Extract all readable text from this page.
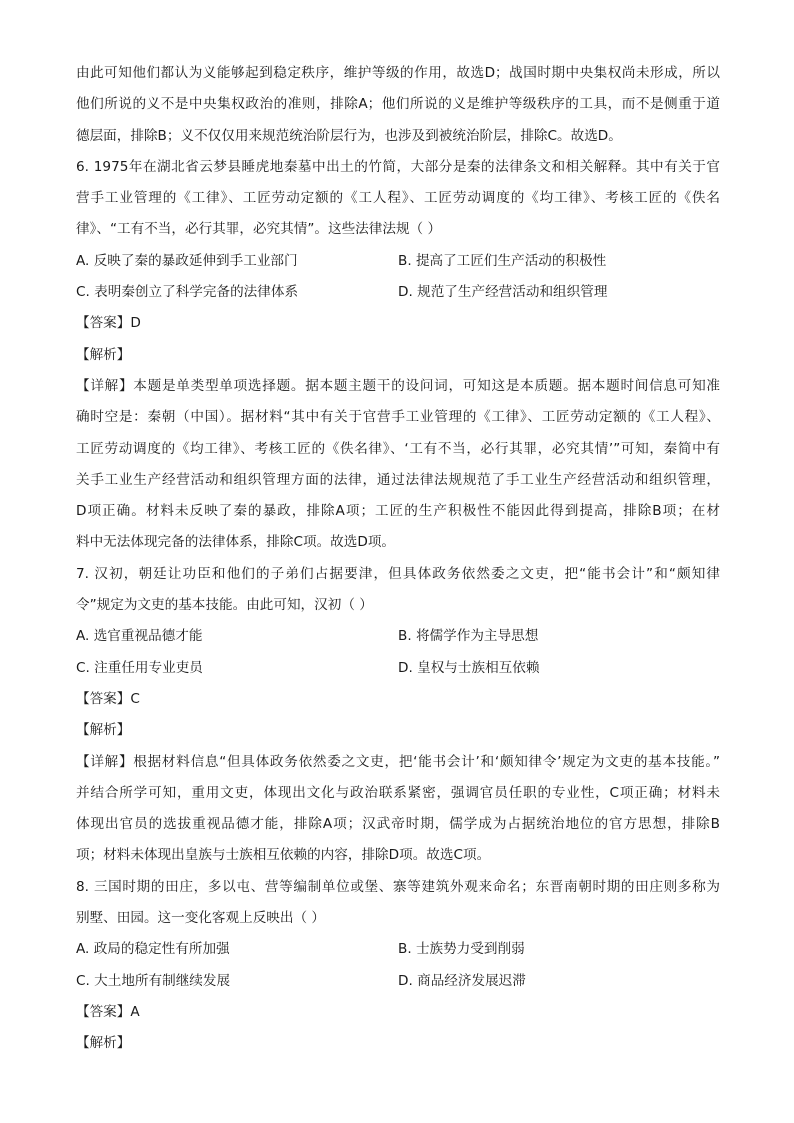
由此可知他们都认为义能够起到稳定秩序，维护等级的作用，故选D；战国时期中央集权尚未形成，所以

他们所说的义不是中央集权政治的准则，排除A；他们所说的义是维护等级秩序的工具，而不是侧重于道

德层面，排除B；义不仅仅用来规范统治阶层行为，也涉及到被统治阶层，排除C。故选D。

6. 1975年在湖北省云梦县睡虎地秦墓中出土的竹简，大部分是秦的法律条文和相关解释。其中有关于官

营手工业管理的《工律》、工匠劳动定额的《工人程》、工匠劳动调度的《均工律》、考核工匠的《佚名

律》、“工有不当，必行其罪，必究其情”。这些法律法规（ ）

A. 反映了秦的暴政延伸到手工业部门	B. 提高了工匠们生产活动的积极性
C. 表明秦创立了科学完备的法律体系	D. 规范了生产经营活动和组织管理
【答案】D
【解析】

【详解】本题是单类型单项选择题。据本题主题干的设问词，可知这是本质题。据本题时间信息可知准

确时空是：秦朝（中国）。据材料“其中有关于官营手工业管理的《工律》、工匠劳动定额的《工人程》、

工匠劳动调度的《均工律》、考核工匠的《佚名律》、‘工有不当，必行其罪，必究其情’”可知，秦简中有

关手工业生产经营活动和组织管理方面的法律，通过法律法规规范了手工业生产经营活动和组织管理，

D项正确。材料未反映了秦的暴政，排除A项；工匠的生产积极性不能因此得到提高，排除B项；在材

料中无法体现完备的法律体系，排除C项。故选D项。

7. 汉初，朝廷让功臣和他们的子弟们占据要津，但具体政务依然委之文吏，把“能书会计”和“颇知律

令”规定为文吏的基本技能。由此可知，汉初（ ）

A. 选官重视品德才能	B. 将儒学作为主导思想
C. 注重任用专业吏员	D. 皇权与士族相互依赖
【答案】C
【解析】

【详解】根据材料信息“但具体政务依然委之文吏，把‘能书会计’和‘颇知律令’规定为文吏的基本技能。”

并结合所学可知，重用文吏，体现出文化与政治联系紧密，强调官员任职的专业性，C项正确；材料未

体现出官员的选拔重视品德才能，排除A项；汉武帝时期，儒学成为占据统治地位的官方思想，排除B

项；材料未体现出皇族与士族相互依赖的内容，排除D项。故选C项。

8. 三国时期的田庄，多以屯、营等编制单位或堡、寨等建筑外观来命名；东晋南朝时期的田庄则多称为

别墅、田园。这一变化客观上反映出（ ）

A. 政局的稳定性有所加强	B. 士族势力受到削弱
C. 大土地所有制继续发展	D. 商品经济发展迟滞
【答案】A
【解析】
